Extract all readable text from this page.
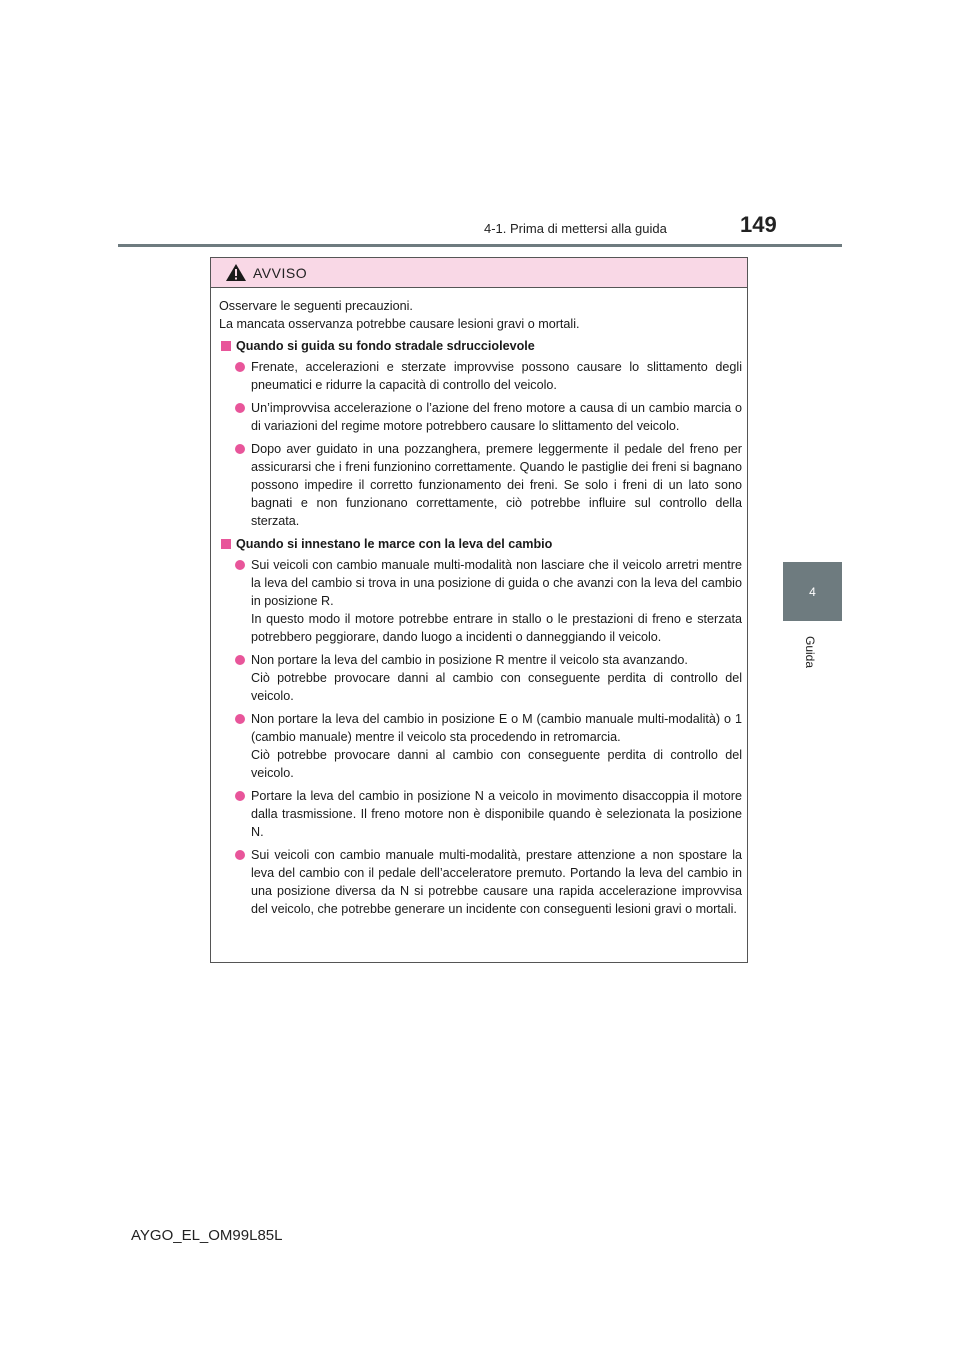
4-1. Prima di mettersi alla guida	149
4
Guida
AVVISO

Osservare le seguenti precauzioni.
La mancata osservanza potrebbe causare lesioni gravi o mortali.

Quando si guida su fondo stradale sdrucciolevole
Frenate, accelerazioni e sterzate improvvise possono causare lo slittamento degli pneumatici e ridurre la capacità di controllo del veicolo.
Un’improvvisa accelerazione o l’azione del freno motore a causa di un cambio marcia o di variazioni del regime motore potrebbero causare lo slittamento del veicolo.
Dopo aver guidato in una pozzanghera, premere leggermente il pedale del freno per assicurarsi che i freni funzionino correttamente. Quando le pastiglie dei freni si bagnano possono impedire il corretto funzionamento dei freni. Se solo i freni di un lato sono bagnati e non funzionano correttamente, ciò potrebbe influire sul controllo della sterzata.
Quando si innestano le marce con la leva del cambio
Sui veicoli con cambio manuale multi-modalità non lasciare che il veicolo arretri mentre la leva del cambio si trova in una posizione di guida o che avanzi con la leva del cambio in posizione R.
In questo modo il motore potrebbe entrare in stallo o le prestazioni di freno e sterzata potrebbero peggiorare, dando luogo a incidenti o danneggiando il veicolo.
Non portare la leva del cambio in posizione R mentre il veicolo sta avanzando.
Ciò potrebbe provocare danni al cambio con conseguente perdita di controllo del veicolo.
Non portare la leva del cambio in posizione E o M (cambio manuale multi-modalità) o 1 (cambio manuale) mentre il veicolo sta procedendo in retromarcia.
Ciò potrebbe provocare danni al cambio con conseguente perdita di controllo del veicolo.
Portare la leva del cambio in posizione N a veicolo in movimento disaccoppia il motore dalla trasmissione. Il freno motore non è disponibile quando è selezionata la posizione N.
Sui veicoli con cambio manuale multi-modalità, prestare attenzione a non spostare la leva del cambio con il pedale dell’acceleratore premuto. Portando la leva del cambio in una posizione diversa da N si potrebbe causare una rapida accelerazione improvvisa del veicolo, che potrebbe generare un incidente con conseguenti lesioni gravi o mortali.
AYGO_EL_OM99L85L
